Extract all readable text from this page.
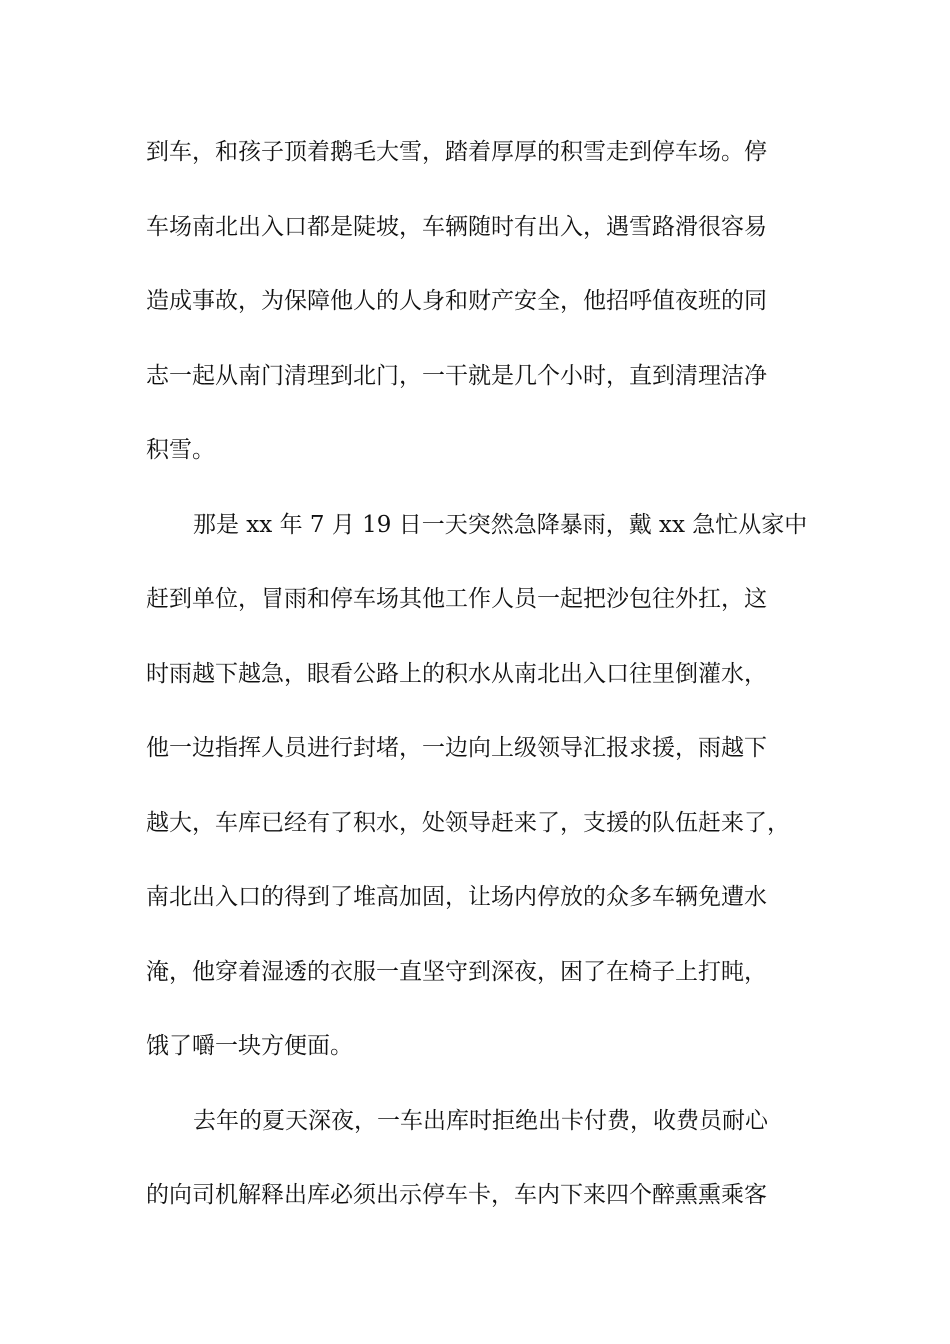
到车，和孩子顶着鹅毛大雪，踏着厚厚的积雪走到停车场。停
车场南北出入口都是陡坡，车辆随时有出入，遇雪路滑很容易
造成事故，为保障他人的人身和财产安全，他招呼值夜班的同
志一起从南门清理到北门，一干就是几个小时，直到清理洁净
积雪。
那是 xx 年 7 月 19 日一天突然急降暴雨，戴 xx 急忙从家中
赶到单位，冒雨和停车场其他工作人员一起把沙包往外扛，这
时雨越下越急，眼看公路上的积水从南北出入口往里倒灌水，
他一边指挥人员进行封堵，一边向上级领导汇报求援，雨越下
越大，车库已经有了积水，处领导赶来了，支援的队伍赶来了，
南北出入口的得到了堆高加固，让场内停放的众多车辆免遭水
淹，他穿着湿透的衣服一直坚守到深夜，困了在椅子上打盹，
饿了嚼一块方便面。
去年的夏天深夜，一车出库时拒绝出卡付费，收费员耐心
的向司机解释出库必须出示停车卡，车内下来四个醉熏熏乘客
